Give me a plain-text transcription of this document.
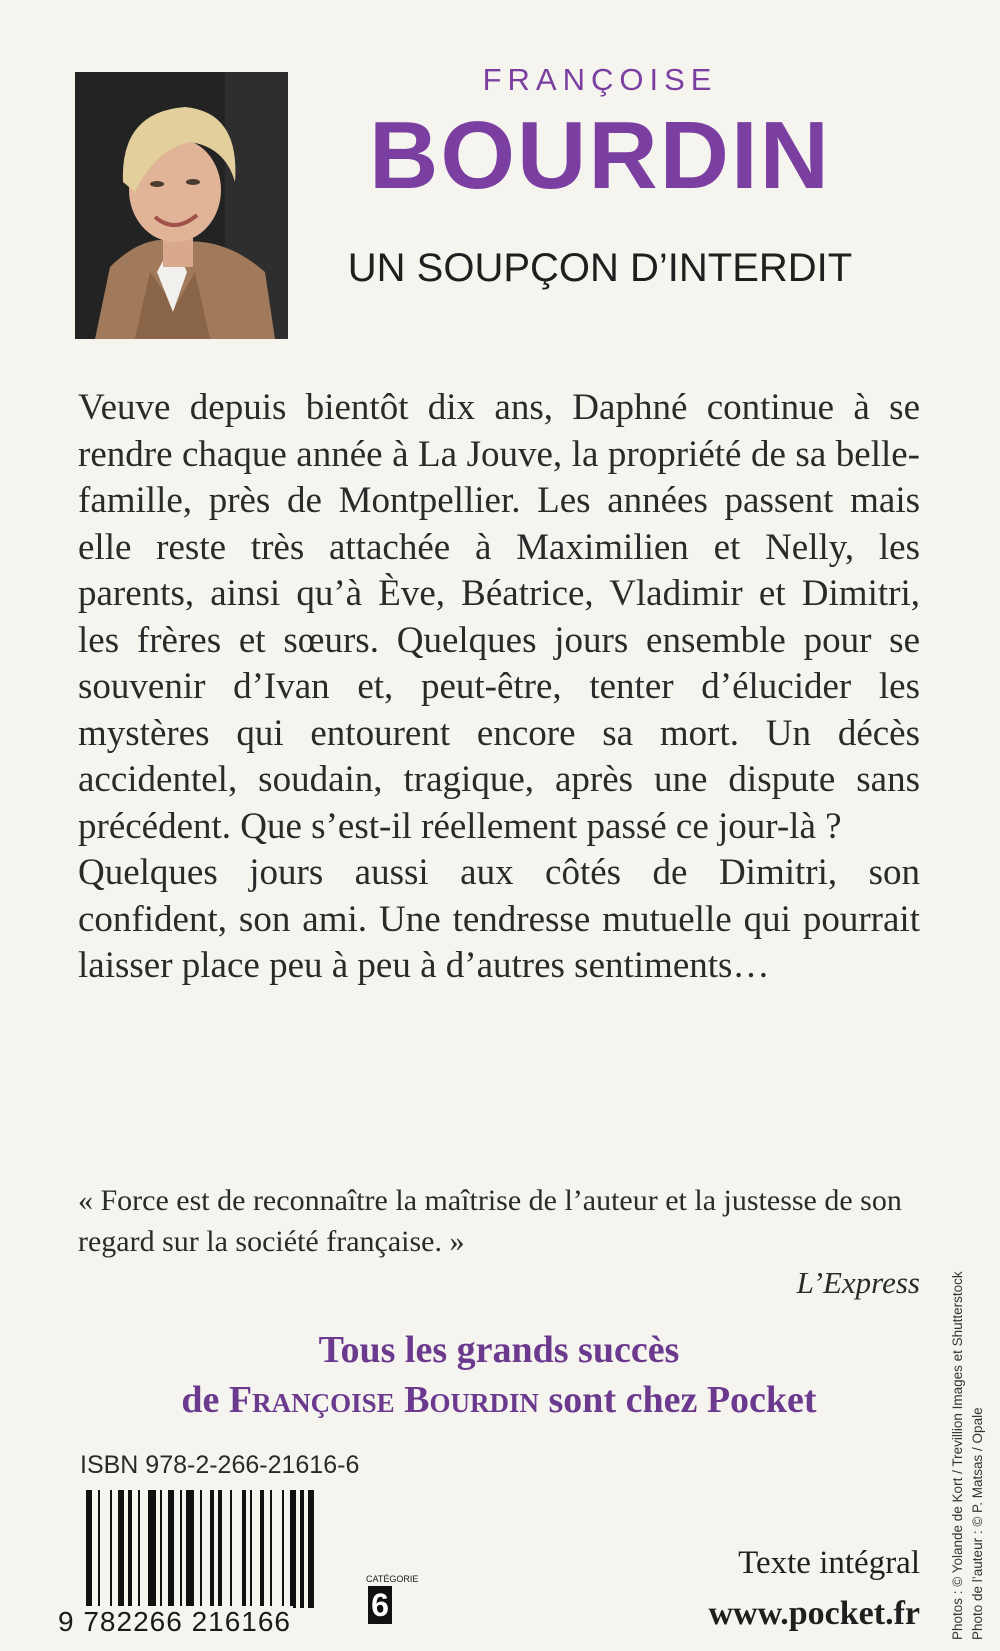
FRANÇOISE
BOURDIN
UN SOUPÇON D’INTERDIT

Veuve depuis bientôt dix ans, Daphné continue à se rendre chaque année à La Jouve, la propriété de sa belle-famille, près de Montpellier. Les années passent mais elle reste très attachée à Maximilien et Nelly, les parents, ainsi qu’à Ève, Béatrice, Vladimir et Dimitri, les frères et sœurs. Quelques jours ensemble pour se souvenir d’Ivan et, peut-être, tenter d’élucider les mystères qui entourent encore sa mort. Un décès accidentel, soudain, tragique, après une dispute sans précédent. Que s’est-il réellement passé ce jour-là ?

Quelques jours aussi aux côtés de Dimitri, son confident, son ami. Une tendresse mutuelle qui pourrait laisser place peu à peu à d’autres sentiments…

« Force est de reconnaître la maîtrise de l’auteur et la justesse de son regard sur la société française. »
L’Express
Tous les grands succès
de Françoise Bourdin sont chez Pocket
ISBN 978-2-266-21616-6
9 782266 216166
CATÉGORIE
6
Texte intégral
www.pocket.fr Photos : © Yolande de Kort / Trevillion Images et Shutterstock Photo de l’auteur : © P. Matsas / Opale
